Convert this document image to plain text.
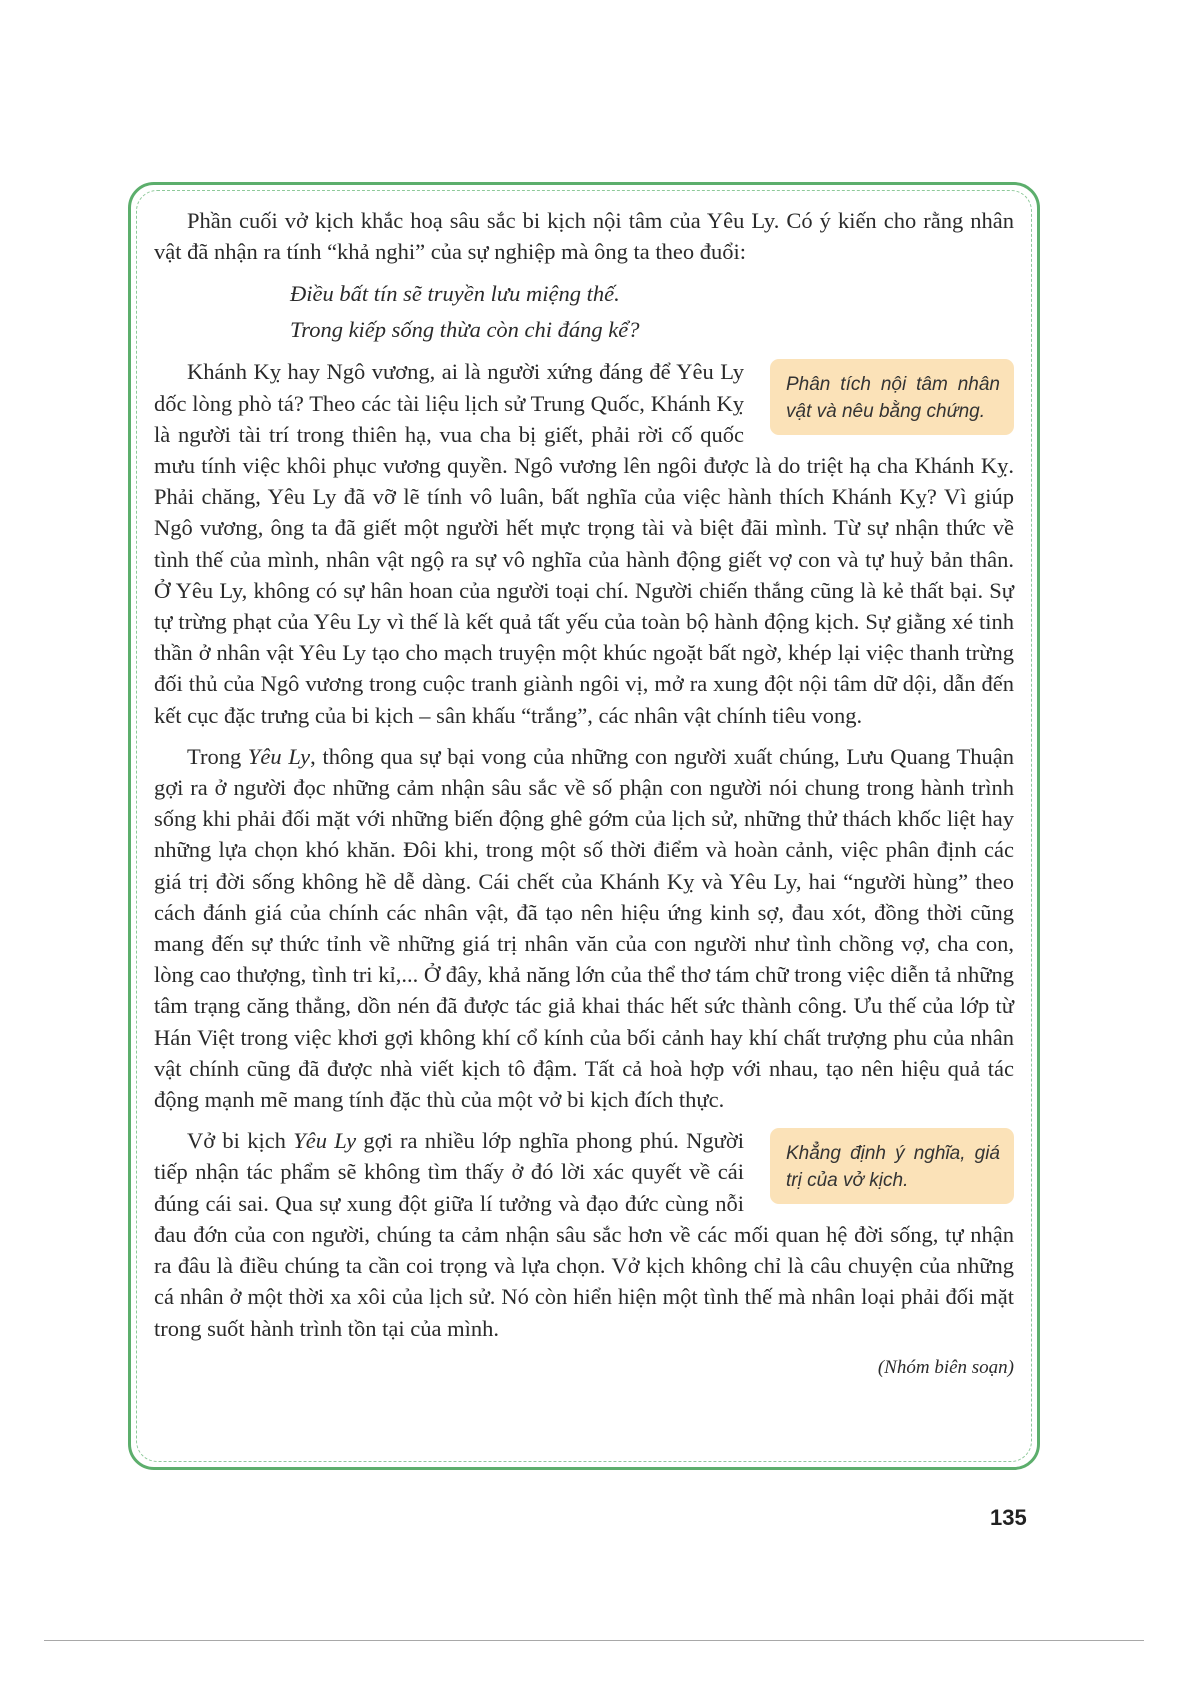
Phần cuối vở kịch khắc hoạ sâu sắc bi kịch nội tâm của Yêu Ly. Có ý kiến cho rằng nhân vật đã nhận ra tính “khả nghi” của sự nghiệp mà ông ta theo đuổi:

Điều bất tín sẽ truyền lưu miệng thế.
Trong kiếp sống thừa còn chi đáng kể?

Phân tích nội tâm nhân vật và nêu bằng chứng.
Khánh Kỵ hay Ngô vương, ai là người xứng đáng để Yêu Ly dốc lòng phò tá? Theo các tài liệu lịch sử Trung Quốc, Khánh Kỵ là người tài trí trong thiên hạ, vua cha bị giết, phải rời cố quốc mưu tính việc khôi phục vương quyền. Ngô vương lên ngôi được là do triệt hạ cha Khánh Kỵ. Phải chăng, Yêu Ly đã vỡ lẽ tính vô luân, bất nghĩa của việc hành thích Khánh Kỵ? Vì giúp Ngô vương, ông ta đã giết một người hết mực trọng tài và biệt đãi mình. Từ sự nhận thức về tình thế của mình, nhân vật ngộ ra sự vô nghĩa của hành động giết vợ con và tự huỷ bản thân. Ở Yêu Ly, không có sự hân hoan của người toại chí. Người chiến thắng cũng là kẻ thất bại. Sự tự trừng phạt của Yêu Ly vì thế là kết quả tất yếu của toàn bộ hành động kịch. Sự giằng xé tinh thần ở nhân vật Yêu Ly tạo cho mạch truyện một khúc ngoặt bất ngờ, khép lại việc thanh trừng đối thủ của Ngô vương trong cuộc tranh giành ngôi vị, mở ra xung đột nội tâm dữ dội, dẫn đến kết cục đặc trưng của bi kịch – sân khấu “trắng”, các nhân vật chính tiêu vong.

Trong Yêu Ly, thông qua sự bại vong của những con người xuất chúng, Lưu Quang Thuận gợi ra ở người đọc những cảm nhận sâu sắc về số phận con người nói chung trong hành trình sống khi phải đối mặt với những biến động ghê gớm của lịch sử, những thử thách khốc liệt hay những lựa chọn khó khăn. Đôi khi, trong một số thời điểm và hoàn cảnh, việc phân định các giá trị đời sống không hề dễ dàng. Cái chết của Khánh Kỵ và Yêu Ly, hai “người hùng” theo cách đánh giá của chính các nhân vật, đã tạo nên hiệu ứng kinh sợ, đau xót, đồng thời cũng mang đến sự thức tỉnh về những giá trị nhân văn của con người như tình chồng vợ, cha con, lòng cao thượng, tình tri kỉ,... Ở đây, khả năng lớn của thể thơ tám chữ trong việc diễn tả những tâm trạng căng thẳng, dồn nén đã được tác giả khai thác hết sức thành công. Ưu thế của lớp từ Hán Việt trong việc khơi gợi không khí cổ kính của bối cảnh hay khí chất trượng phu của nhân vật chính cũng đã được nhà viết kịch tô đậm. Tất cả hoà hợp với nhau, tạo nên hiệu quả tác động mạnh mẽ mang tính đặc thù của một vở bi kịch đích thực.

Khẳng định ý nghĩa, giá trị của vở kịch.
Vở bi kịch Yêu Ly gợi ra nhiều lớp nghĩa phong phú. Người tiếp nhận tác phẩm sẽ không tìm thấy ở đó lời xác quyết về cái đúng cái sai. Qua sự xung đột giữa lí tưởng và đạo đức cùng nỗi đau đớn của con người, chúng ta cảm nhận sâu sắc hơn về các mối quan hệ đời sống, tự nhận ra đâu là điều chúng ta cần coi trọng và lựa chọn. Vở kịch không chỉ là câu chuyện của những cá nhân ở một thời xa xôi của lịch sử. Nó còn hiển hiện một tình thế mà nhân loại phải đối mặt trong suốt hành trình tồn tại của mình.

(Nhóm biên soạn)
135
